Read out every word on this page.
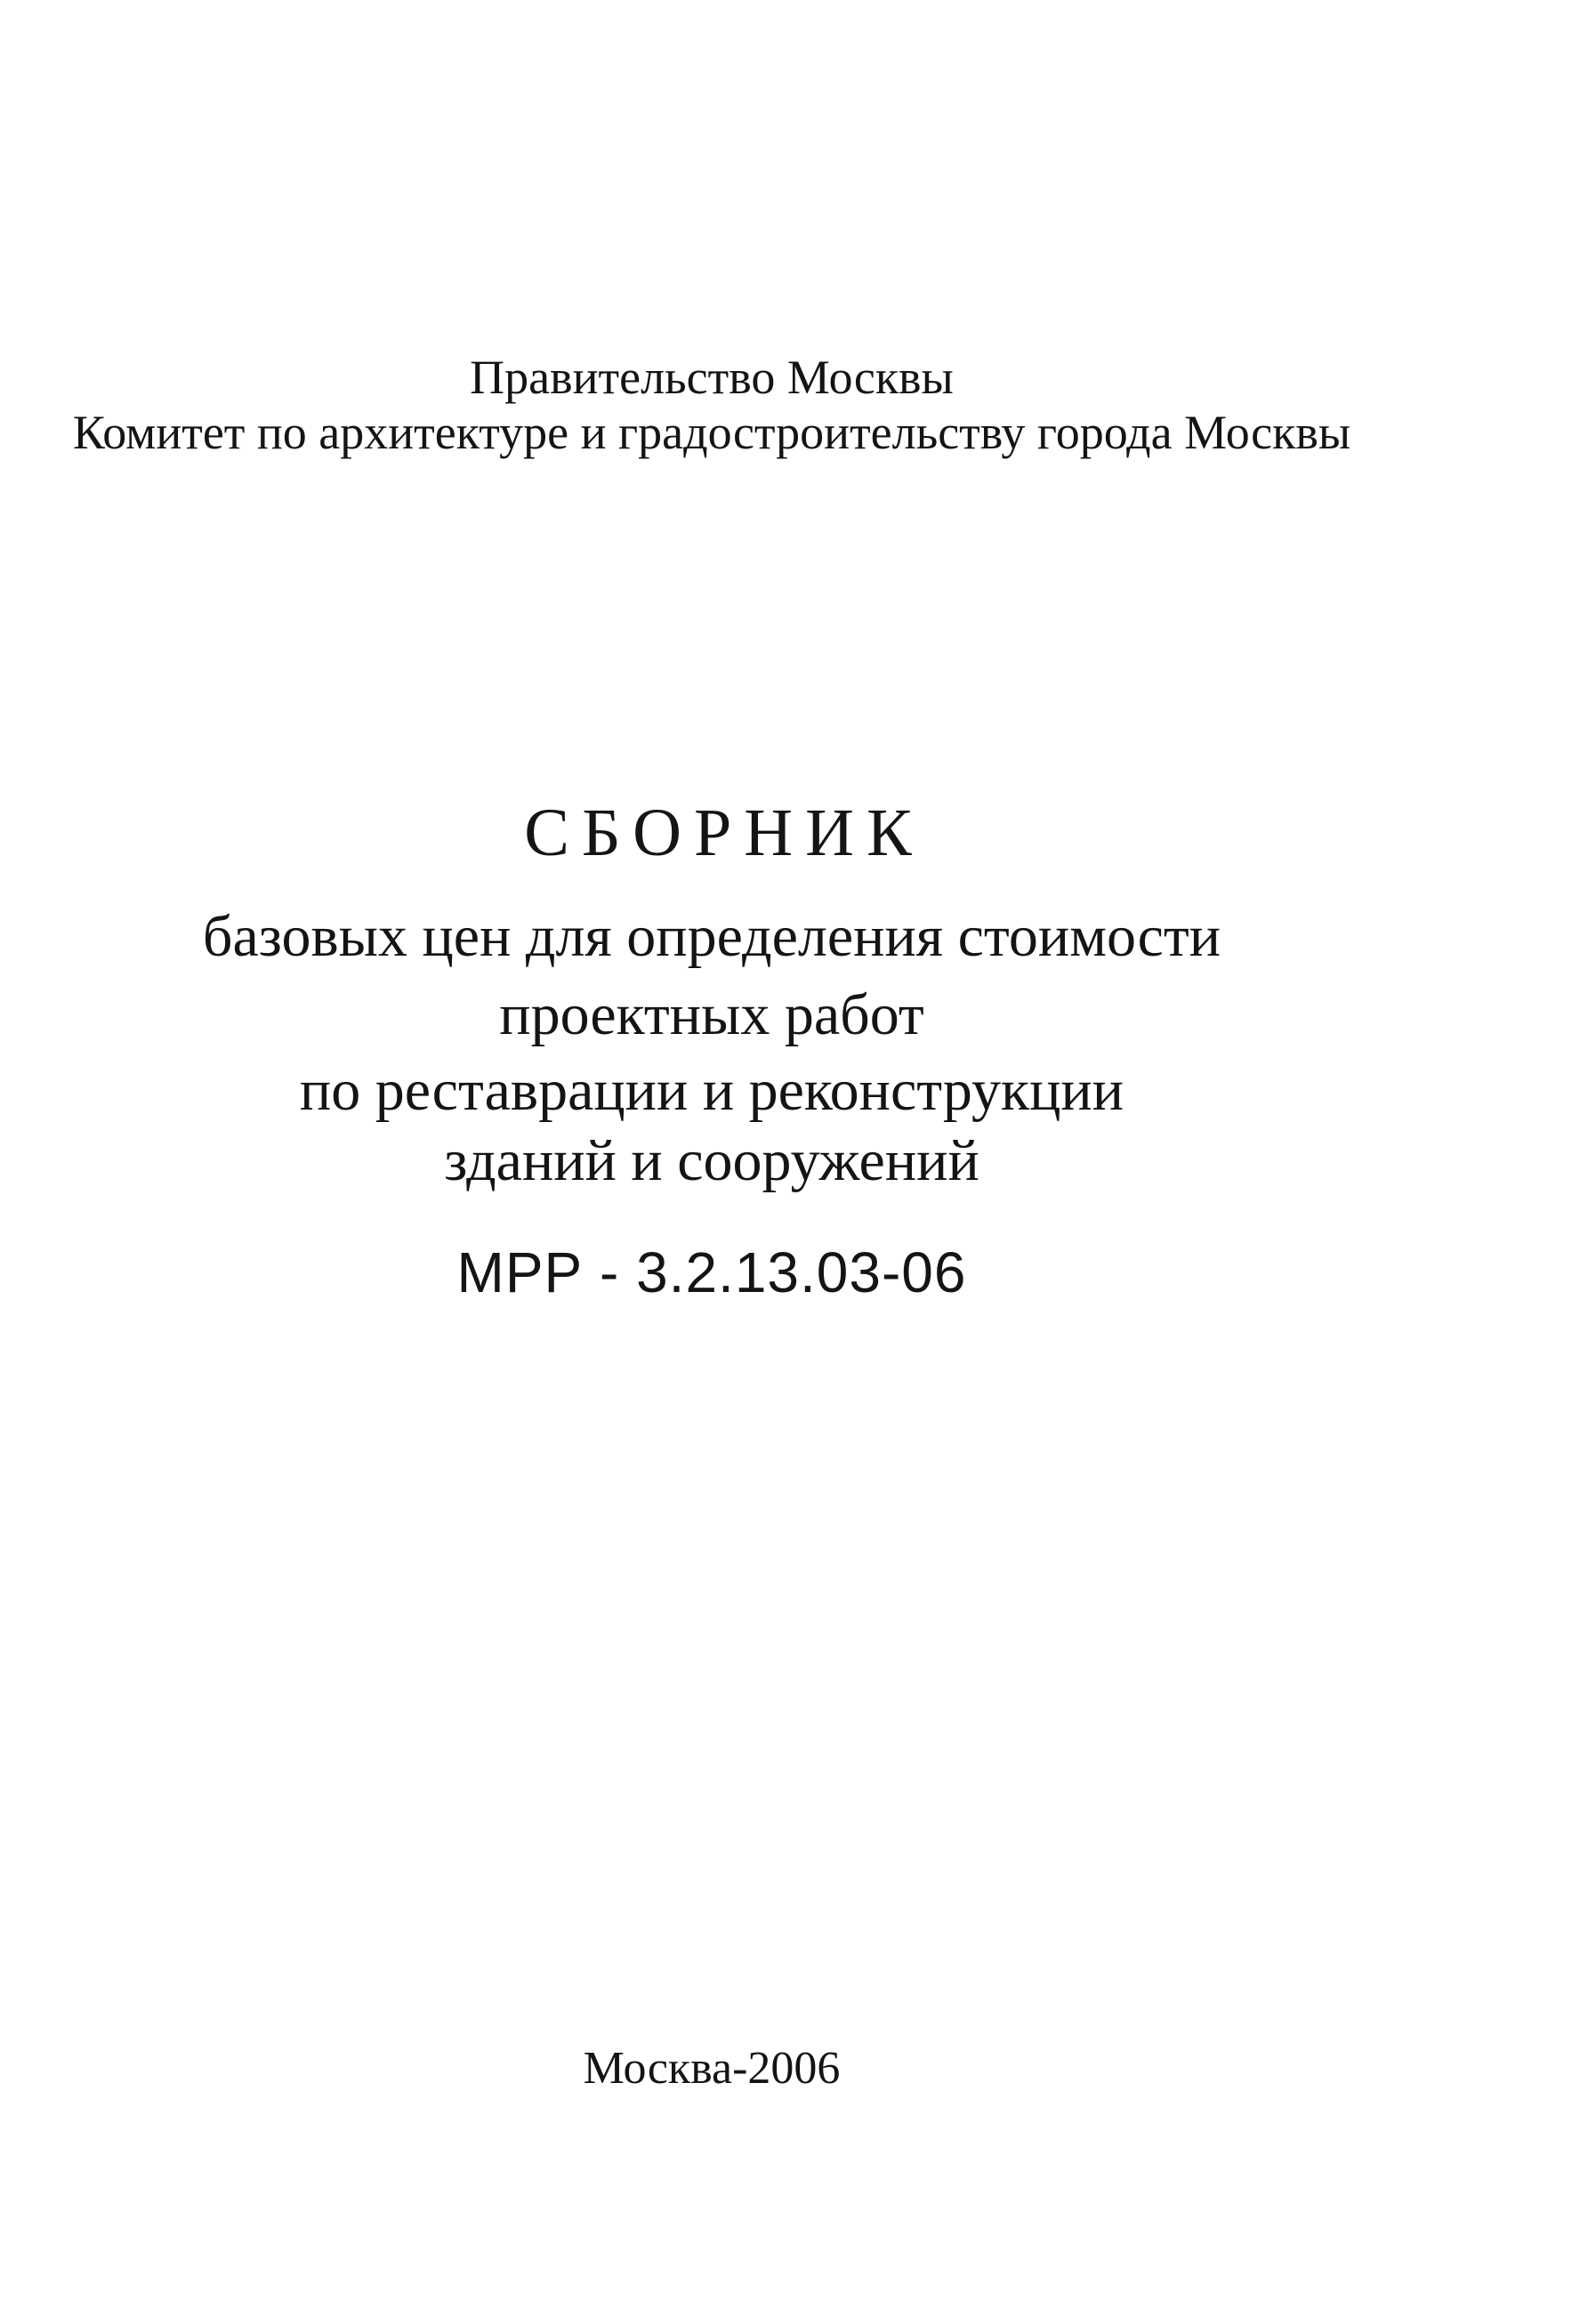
Правительство Москвы
Комитет по архитектуре и градостроительству города Москвы
СБОРНИК
базовых цен для определения стоимости
проектных работ
по реставрации и реконструкции
зданий и сооружений
МРР - 3.2.13.03-06
Москва-2006
